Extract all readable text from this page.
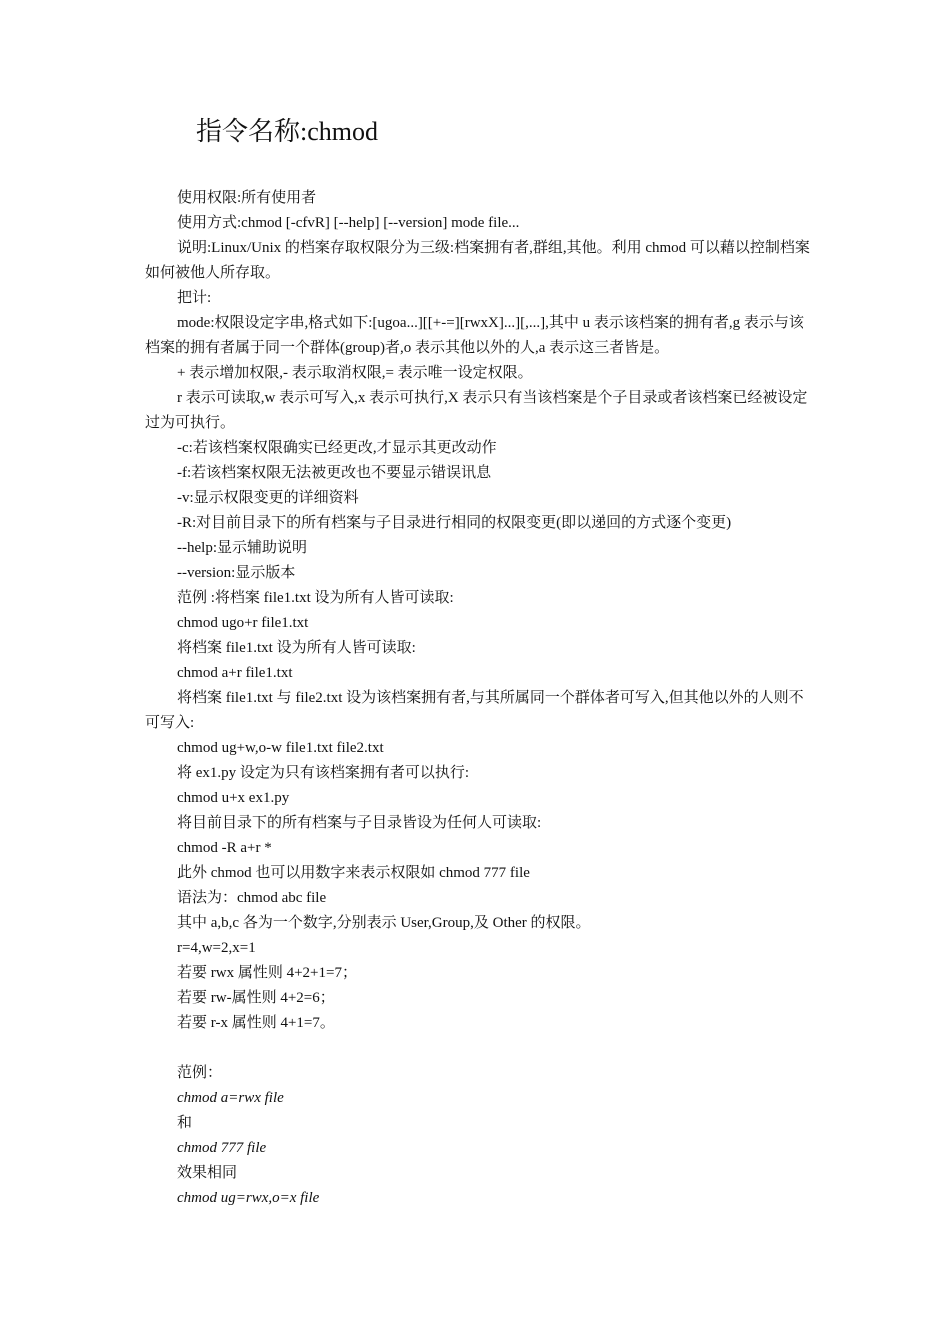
指令名称:chmod

使用权限:所有使用者

使用方式:chmod [-cfvR] [--help] [--version] mode file...

说明:Linux/Unix 的档案存取权限分为三级:档案拥有者,群组,其他。利用 chmod 可以藉以控制档案如何被他人所存取。

把计:

mode:权限设定字串,格式如下:[ugoa...][[+-=][rwxX]...][,...],其中 u 表示该档案的拥有者,g 表示与该档案的拥有者属于同一个群体(group)者,o 表示其他以外的人,a 表示这三者皆是。

+ 表示增加权限,- 表示取消权限,= 表示唯一设定权限。

r 表示可读取,w 表示可写入,x 表示可执行,X 表示只有当该档案是个子目录或者该档案已经被设定过为可执行。

-c:若该档案权限确实已经更改,才显示其更改动作

-f:若该档案权限无法被更改也不要显示错误讯息

-v:显示权限变更的详细资料

-R:对目前目录下的所有档案与子目录进行相同的权限变更(即以递回的方式逐个变更)

--help:显示辅助说明

--version:显示版本

范例 :将档案 file1.txt 设为所有人皆可读取:

chmod ugo+r file1.txt

将档案 file1.txt 设为所有人皆可读取:

chmod a+r file1.txt

将档案 file1.txt 与 file2.txt 设为该档案拥有者,与其所属同一个群体者可写入,但其他以外的人则不可写入:

chmod ug+w,o-w file1.txt file2.txt

将 ex1.py 设定为只有该档案拥有者可以执行:

chmod u+x ex1.py

将目前目录下的所有档案与子目录皆设为任何人可读取:

chmod -R a+r *

此外 chmod 也可以用数字来表示权限如 chmod 777 file

语法为：chmod abc file

其中 a,b,c 各为一个数字,分别表示 User,Group,及 Other 的权限。

r=4,w=2,x=1

若要 rwx 属性则 4+2+1=7；

若要 rw-属性则 4+2=6；

若要 r-x 属性则 4+1=7。

范例：

chmod a=rwx file

和

chmod 777 file

效果相同

chmod ug=rwx,o=x file
